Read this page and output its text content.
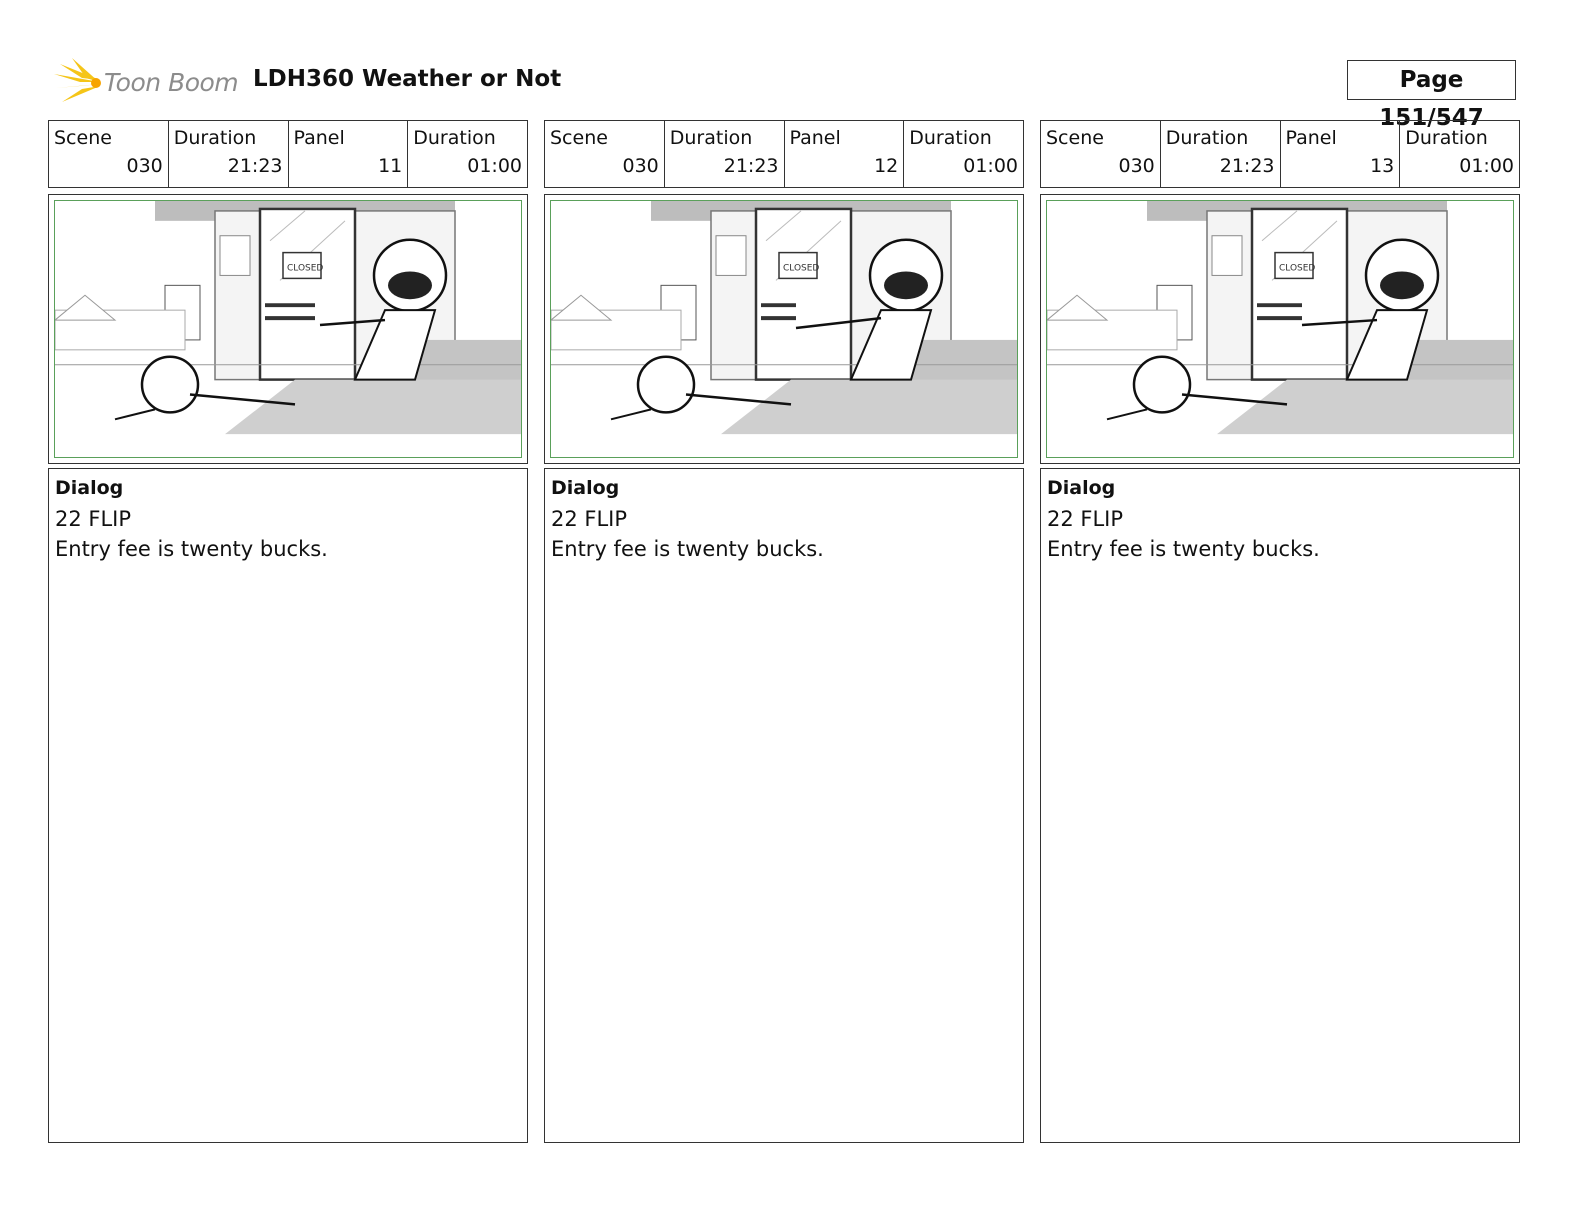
Toon Boom LDH360 Weather or Not	Page 151/547
Scene
030
Duration
21:23
Panel
11
Duration
01:00
CLOSED
Dialog
22 FLIP
Entry fee is twenty bucks.
Scene
030
Duration
21:23
Panel
12
Duration
01:00
CLOSED
Dialog
22 FLIP
Entry fee is twenty bucks.
Scene
030
Duration
21:23
Panel
13
Duration
01:00
CLOSED
Dialog
22 FLIP
Entry fee is twenty bucks.
